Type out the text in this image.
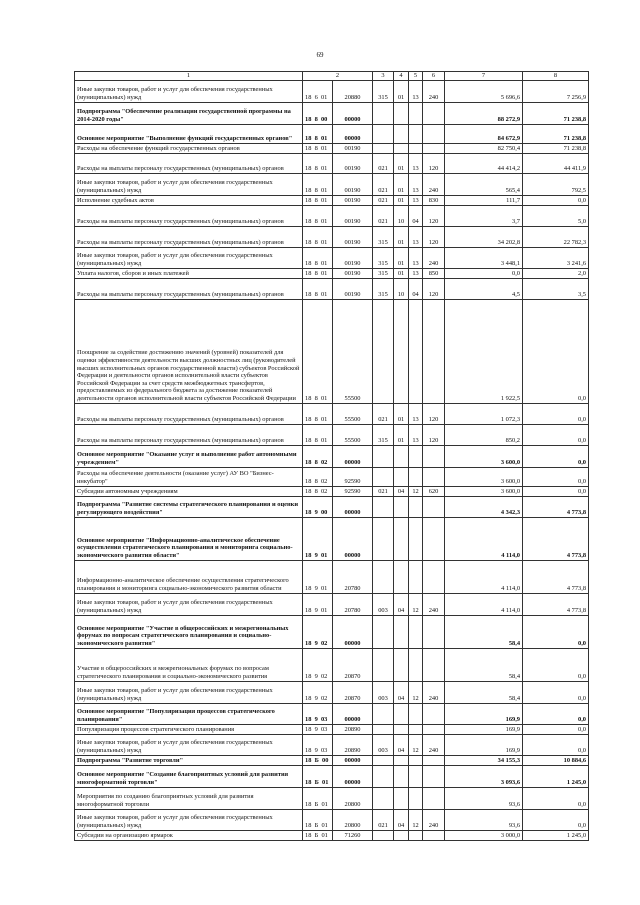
69
1	2		3	4	5	6	7	8
Иные закупки товаров, работ и услуг для обеспечения государственных (муниципальных) нужд	18  6  01	20880	315	01	13	240	5 696,6	7 256,9
Подпрограмма "Обеспечение реализации государственной программы на 2014-2020 годы"	18  8  00	00000					88 272,9	71 238,8
Основное мероприятие "Выполнение функций государственных органов"	18  8  01	00000					84 672,9	71 238,8
Расходы на обеспечение функций государственных органов	18  8  01	00190					82 750,4	71 238,8
Расходы на выплаты персоналу государственных (муниципальных) органов	18  8  01	00190	021	01	13	120	44 414,2	44 411,9
Иные закупки товаров, работ и услуг для обеспечения государственных (муниципальных) нужд	18  8  01	00190	021	01	13	240	565,4	792,5
Исполнение судебных актов	18  8  01	00190	021	01	13	830	111,7	0,0
Расходы на выплаты персоналу государственных (муниципальных) органов	18  8  01	00190	021	10	04	120	3,7	5,0
Расходы на выплаты персоналу государственных (муниципальных) органов	18  8  01	00190	315	01	13	120	34 202,8	22 782,3
Иные закупки товаров, работ и услуг для обеспечения государственных (муниципальных) нужд	18  8  01	00190	315	01	13	240	3 448,1	3 241,6
Уплата налогов, сборов и иных платежей	18  8  01	00190	315	01	13	850	0,0	2,0
Расходы на выплаты персоналу государственных (муниципальных) органов	18  8  01	00190	315	10	04	120	4,5	3,5
Поощрение за содействие достижению значений (уровней) показателей для оценки эффективности деятельности высших должностных лиц (руководителей высших исполнительных органов государственной власти) субъектов Российской Федерации и деятельности органов исполнительной власти субъектов Российской Федерации за счет средств межбюджетных трансфертов, предоставляемых из федерального бюджета за достижение показателей деятельности органов исполнительной власти субъектов Российской Федерации	18  8  01	55500					1 922,5	0,0
Расходы на выплаты персоналу государственных (муниципальных) органов	18  8  01	55500	021	01	13	120	1 072,3	0,0
Расходы на выплаты персоналу государственных (муниципальных) органов	18  8  01	55500	315	01	13	120	850,2	0,0
Основное мероприятие "Оказание услуг и выполнение работ автономными учреждением"	18  8  02	00000					3 600,0	0,0
Расходы на обеспечение деятельности (оказание услуг) АУ ВО "Бизнес-инкубатор"	18  8  02	92590					3 600,0	0,0
Субсидии автономным учреждениям	18  8  02	92590	021	04	12	620	3 600,0	0,0
Подпрограмма "Развитие системы стратегического планирования и оценки регулирующего воздействия"	18  9  00	00000					4 342,3	4 773,8
Основное мероприятие "Информационно-аналитическое обеспечение осуществления стратегического планирования и мониторинга социально-экономического развития области"	18  9  01	00000					4 114,0	4 773,8
Информационно-аналитическое обеспечение осуществления стратегического планирования и мониторинга социально-экономического развития области	18  9  01	20780					4 114,0	4 773,8
Иные закупки товаров, работ и услуг для обеспечения государственных (муниципальных) нужд	18  9  01	20780	003	04	12	240	4 114,0	4 773,8
Основное мероприятие "Участие в общероссийских и межрегиональных форумах по вопросам стратегического планирования и социально-экономического развития"	18  9  02	00000					58,4	0,0
Участие в общероссийских и межрегиональных форумах по вопросам стратегического планирования и социально-экономического развития	18  9  02	20870					58,4	0,0
Иные закупки товаров, работ и услуг для обеспечения государственных (муниципальных) нужд	18  9  02	20870	003	04	12	240	58,4	0,0
Основное мероприятие "Популяризация процессов стратегического планирования"	18  9  03	00000					169,9	0,0
Популяризация процессов стратегического планирования	18  9  03	20890					169,9	0,0
Иные закупки товаров, работ и услуг для обеспечения государственных (муниципальных) нужд	18  9  03	20890	003	04	12	240	169,9	0,0
Подпрограмма "Развитие торговли"	18  Б  00	00000					34 155,3	10 884,6
Основное мероприятие "Создание благоприятных условий для развития многоформатной торговли"	18  Б  01	00000					3 093,6	1 245,0
Мероприятия по созданию благоприятных условий для развития многоформатной торговли	18  Б  01	20800					93,6	0,0
Иные закупки товаров, работ и услуг для обеспечения государственных (муниципальных) нужд	18  Б  01	20800	021	04	12	240	93,6	0,0
Субсидии на организацию ярмарок	18  Б  01	71260					3 000,0	1 245,0
